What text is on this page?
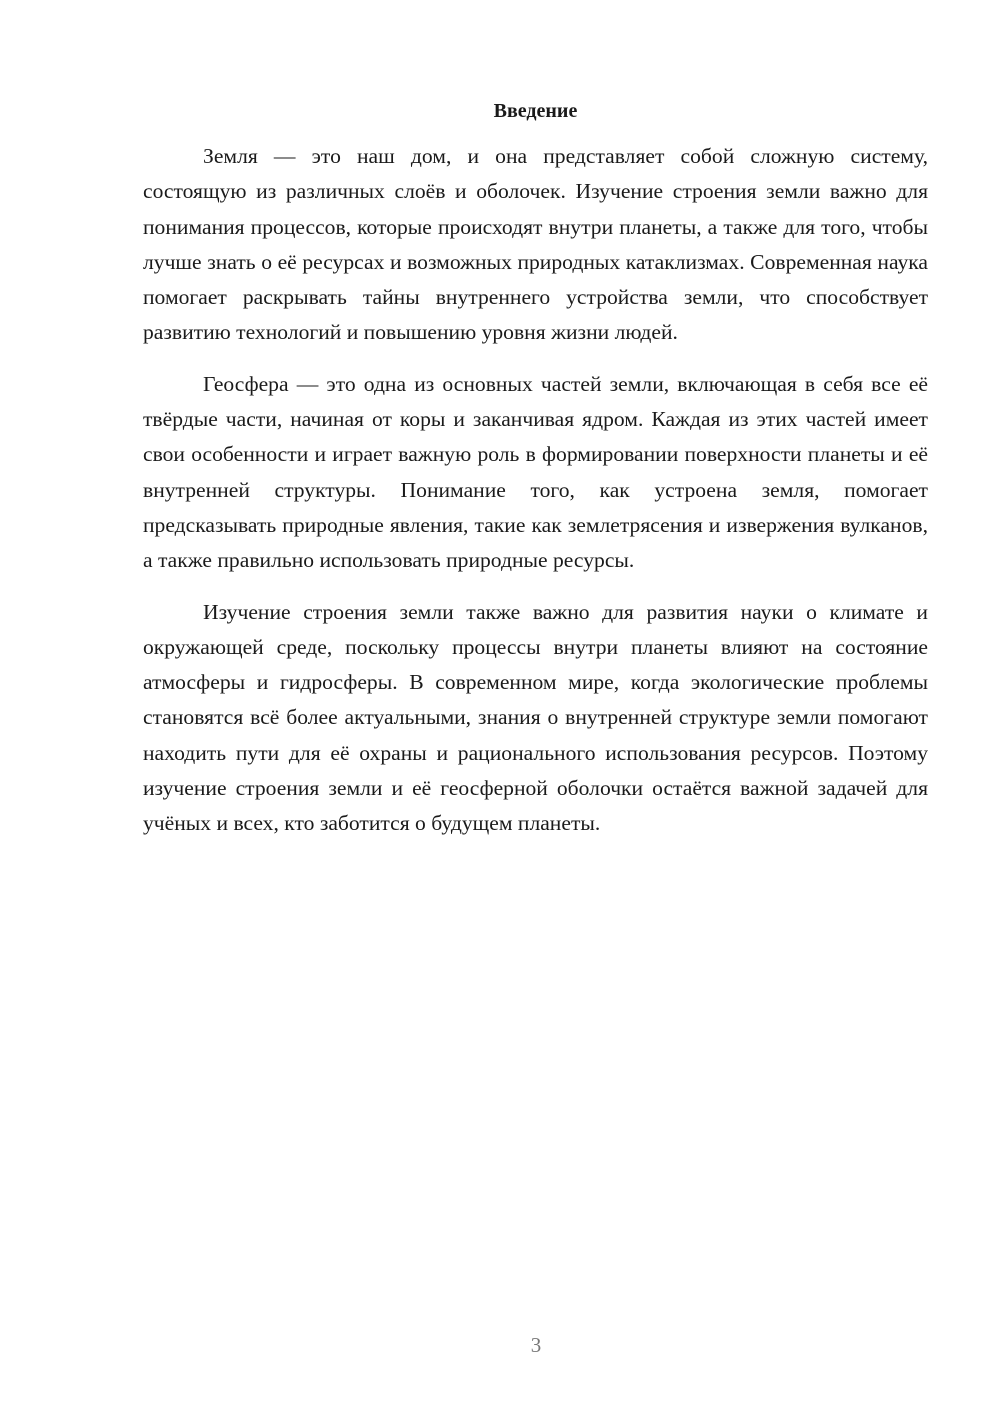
Введение

Земля — это наш дом, и она представляет собой сложную систему, состоящую из различных слоёв и оболочек. Изучение строения земли важно для понимания процессов, которые происходят внутри планеты, а также для того, чтобы лучше знать о её ресурсах и возможных природных катаклизмах. Современная наука помогает раскрывать тайны внутреннего устройства земли, что способствует развитию технологий и повышению уровня жизни людей.

Геосфера — это одна из основных частей земли, включающая в себя все её твёрдые части, начиная от коры и заканчивая ядром. Каждая из этих частей имеет свои особенности и играет важную роль в формировании поверхности планеты и её внутренней структуры. Понимание того, как устроена земля, помогает предсказывать природные явления, такие как землетрясения и извержения вулканов, а также правильно использовать природные ресурсы.

Изучение строения земли также важно для развития науки о климате и окружающей среде, поскольку процессы внутри планеты влияют на состояние атмосферы и гидросферы. В современном мире, когда экологические проблемы становятся всё более актуальными, знания о внутренней структуре земли помогают находить пути для её охраны и рационального использования ресурсов. Поэтому изучение строения земли и её геосферной оболочки остаётся важной задачей для учёных и всех, кто заботится о будущем планеты.

3
